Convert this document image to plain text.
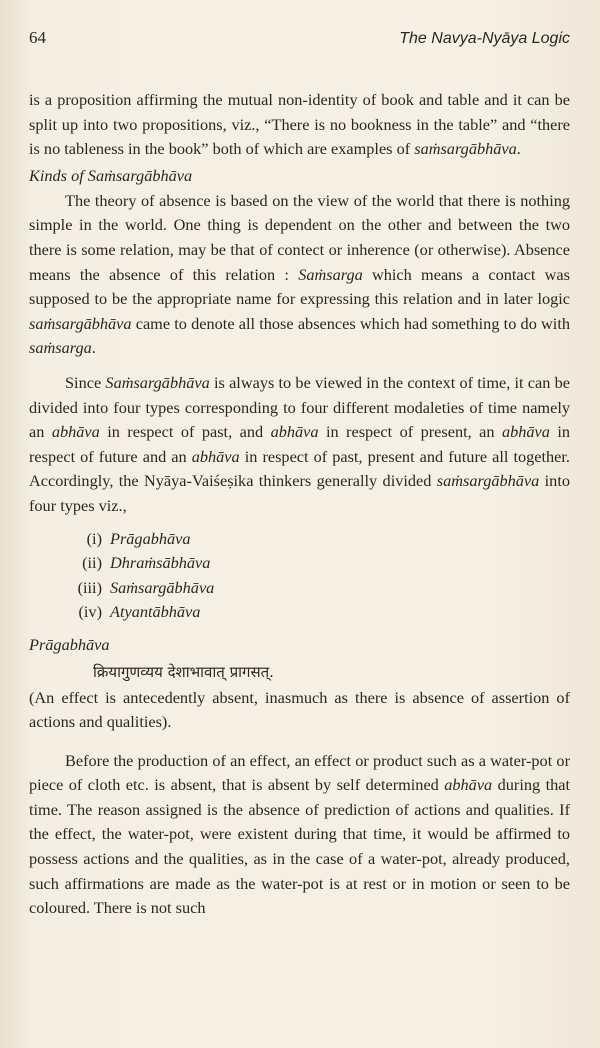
64	The Navya-Nyāya Logic

is a proposition affirming the mutual non-identity of book and table and it can be split up into two propositions, viz., “There is no bookness in the table” and “there is no tableness in the book” both of which are examples of saṁsargābhāva.

Kinds of Saṁsargābhāva

The theory of absence is based on the view of the world that there is nothing simple in the world. One thing is dependent on the other and between the two there is some relation, may be that of contect or inherence (or otherwise). Absence means the absence of this relation : Saṁsarga which means a contact was supposed to be the appropriate name for expressing this relation and in later logic saṁsargābhāva came to denote all those absences which had something to do with saṁsarga.

Since Saṁsargābhāva is always to be viewed in the context of time, it can be divided into four types corresponding to four different modaleties of time namely an abhāva in respect of past, and abhāva in respect of present, an abhāva in respect of future and an abhāva in respect of past, present and future all together. Accordingly, the Nyāya-Vaiśeṣika thinkers generally divided saṁsargābhāva into four types viz.,

(i) Prāgabhāva
(ii) Dhraṁsābhāva
(iii) Saṁsargābhāva
(iv) Atyantābhāva

Prāgabhāva

क्रियागुणव्यय देशाभावात् प्रागसत्.

(An effect is antecedently absent, inasmuch as there is absence of assertion of actions and qualities).

Before the production of an effect, an effect or product such as a water-pot or piece of cloth etc. is absent, that is absent by self determined abhāva during that time. The reason assigned is the absence of prediction of actions and qualities. If the effect, the water-pot, were existent during that time, it would be affirmed to possess actions and the qualities, as in the case of a water-pot, already produced, such affirmations are made as the water-pot is at rest or in motion or seen to be coloured. There is not such
